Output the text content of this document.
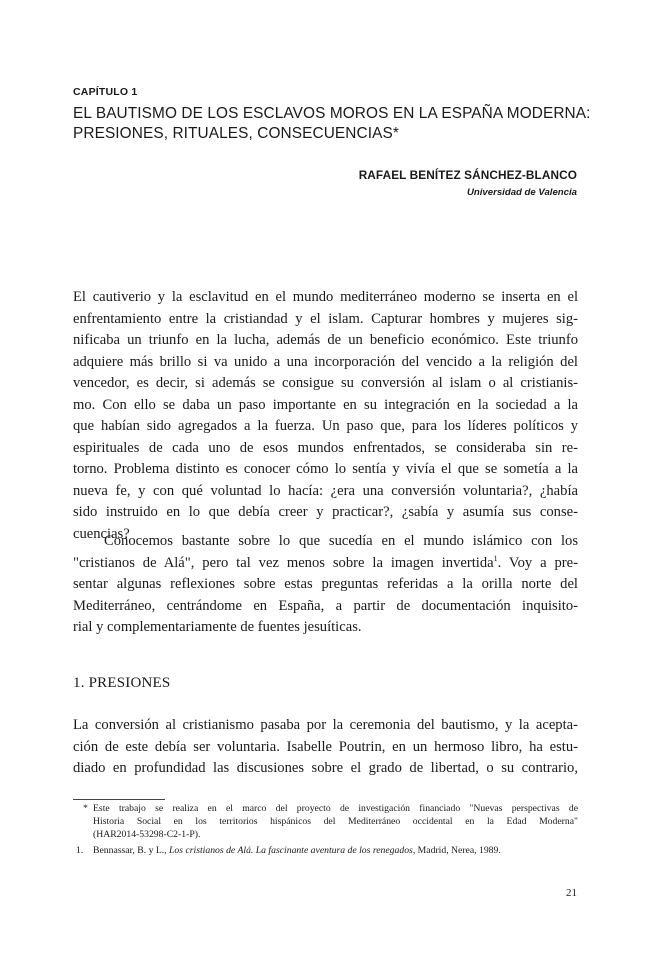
CAPÍTULO 1
EL BAUTISMO DE LOS ESCLAVOS MOROS EN LA ESPAÑA MODERNA:
PRESIONES, RITUALES, CONSECUENCIAS*
RAFAEL BENÍTEZ SÁNCHEZ-BLANCO
Universidad de Valencia
El cautiverio y la esclavitud en el mundo mediterráneo moderno se inserta en el
enfrentamiento entre la cristiandad y el islam. Capturar hombres y mujeres sig-
nificaba un triunfo en la lucha, además de un beneficio económico. Este triunfo
adquiere más brillo si va unido a una incorporación del vencido a la religión del
vencedor, es decir, si además se consigue su conversión al islam o al cristianis-
mo. Con ello se daba un paso importante en su integración en la sociedad a la
que habían sido agregados a la fuerza. Un paso que, para los líderes políticos y
espirituales de cada uno de esos mundos enfrentados, se consideraba sin re-
torno. Problema distinto es conocer cómo lo sentía y vivía el que se sometía a la
nueva fe, y con qué voluntad lo hacía: ¿era una conversión voluntaria?, ¿había
sido instruido en lo que debía creer y practicar?, ¿sabía y asumía sus conse-
cuencias?
Conocemos bastante sobre lo que sucedía en el mundo islámico con los
"cristianos de Alá", pero tal vez menos sobre la imagen invertida$^1$. Voy a pre-
sentar algunas reflexiones sobre estas preguntas referidas a la orilla norte del
Mediterráneo, centrándome en España, a partir de documentación inquisito-
rial y complementariamente de fuentes jesuíticas.
1. PRESIONES
La conversión al cristianismo pasaba por la ceremonia del bautismo, y la acepta-
ción de este debía ser voluntaria. Isabelle Poutrin, en un hermoso libro, ha estu-
diado en profundidad las discusiones sobre el grado de libertad, o su contrario,
* Este trabajo se realiza en el marco del proyecto de investigación financiado "Nuevas perspectivas de
Historia Social en los territorios hispánicos del Mediterráneo occidental en la Edad Moderna"
(HAR2014-53298-C2-1-P).
1. Bennassar, B. y L., Los cristianos de Alá. La fascinante aventura de los renegados, Madrid, Nerea, 1989.
21
